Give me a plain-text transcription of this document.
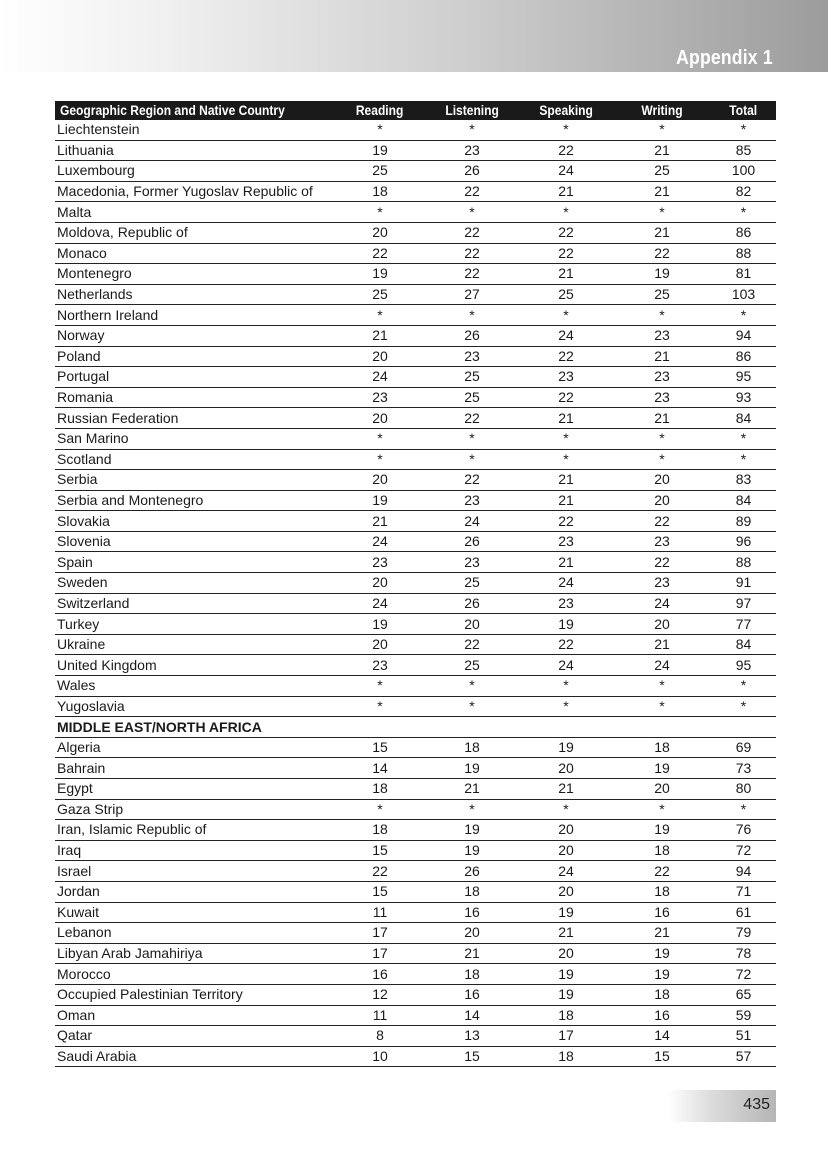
Appendix 1
Geographic Region and Native Country	Reading	Listening	Speaking	Writing	Total
Liechtenstein	*	*	*	*	*
Lithuania	19	23	22	21	85
Luxembourg	25	26	24	25	100
Macedonia, Former Yugoslav Republic of	18	22	21	21	82
Malta	*	*	*	*	*
Moldova, Republic of	20	22	22	21	86
Monaco	22	22	22	22	88
Montenegro	19	22	21	19	81
Netherlands	25	27	25	25	103
Northern Ireland	*	*	*	*	*
Norway	21	26	24	23	94
Poland	20	23	22	21	86
Portugal	24	25	23	23	95
Romania	23	25	22	23	93
Russian Federation	20	22	21	21	84
San Marino	*	*	*	*	*
Scotland	*	*	*	*	*
Serbia	20	22	21	20	83
Serbia and Montenegro	19	23	21	20	84
Slovakia	21	24	22	22	89
Slovenia	24	26	23	23	96
Spain	23	23	21	22	88
Sweden	20	25	24	23	91
Switzerland	24	26	23	24	97
Turkey	19	20	19	20	77
Ukraine	20	22	22	21	84
United Kingdom	23	25	24	24	95
Wales	*	*	*	*	*
Yugoslavia	*	*	*	*	*
MIDDLE EAST/NORTH AFRICA					
Algeria	15	18	19	18	69
Bahrain	14	19	20	19	73
Egypt	18	21	21	20	80
Gaza Strip	*	*	*	*	*
Iran, Islamic Republic of	18	19	20	19	76
Iraq	15	19	20	18	72
Israel	22	26	24	22	94
Jordan	15	18	20	18	71
Kuwait	11	16	19	16	61
Lebanon	17	20	21	21	79
Libyan Arab Jamahiriya	17	21	20	19	78
Morocco	16	18	19	19	72
Occupied Palestinian Territory	12	16	19	18	65
Oman	11	14	18	16	59
Qatar	8	13	17	14	51
Saudi Arabia	10	15	18	15	57
435
